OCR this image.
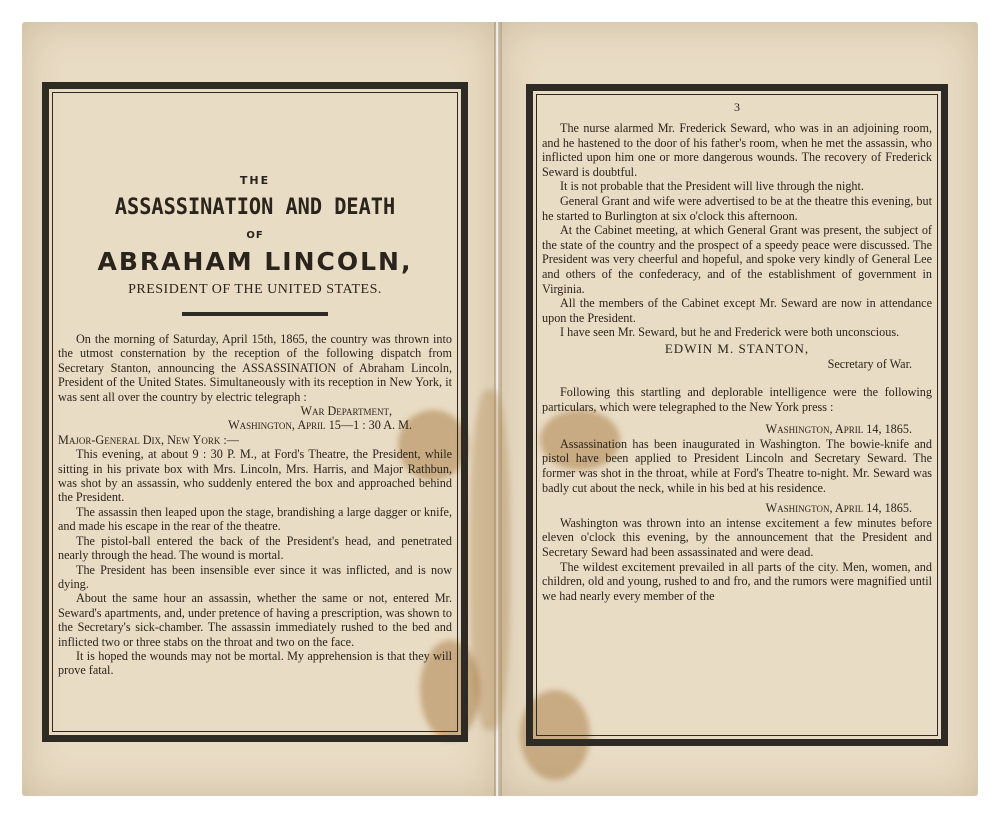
THE
ASSASSINATION AND DEATH
OF
ABRAHAM LINCOLN,
PRESIDENT OF THE UNITED STATES.

On the morning of Saturday, April 15th, 1865, the country was thrown into the utmost consternation by the reception of the following dispatch from Secretary Stanton, announcing the ASSASSINATION of Abraham Lincoln, President of the United States. Simultaneously with its reception in New York, it was sent all over the country by electric telegraph :

War Department,

Washington, April 15—1 : 30 A. M.

Major-General Dix, New York :—

This evening, at about 9 : 30 P. M., at Ford's Theatre, the President, while sitting in his private box with Mrs. Lincoln, Mrs. Harris, and Major Rathbun, was shot by an assassin, who suddenly entered the box and approached behind the President.

The assassin then leaped upon the stage, brandishing a large dagger or knife, and made his escape in the rear of the theatre.

The pistol-ball entered the back of the President's head, and penetrated nearly through the head. The wound is mortal.

The President has been insensible ever since it was inflicted, and is now dying.

About the same hour an assassin, whether the same or not, entered Mr. Seward's apartments, and, under pretence of having a prescription, was shown to the Secretary's sick-chamber. The assassin immediately rushed to the bed and inflicted two or three stabs on the throat and two on the face.

It is hoped the wounds may not be mortal. My apprehension is that they will prove fatal.

3

The nurse alarmed Mr. Frederick Seward, who was in an adjoining room, and he hastened to the door of his father's room, when he met the assassin, who inflicted upon him one or more dangerous wounds. The recovery of Frederick Seward is doubtful.

It is not probable that the President will live through the night.

General Grant and wife were advertised to be at the theatre this evening, but he started to Burlington at six o'clock this afternoon.

At the Cabinet meeting, at which General Grant was present, the subject of the state of the country and the prospect of a speedy peace were discussed. The President was very cheerful and hopeful, and spoke very kindly of General Lee and others of the confederacy, and of the establishment of government in Virginia.

All the members of the Cabinet except Mr. Seward are now in attendance upon the President.

I have seen Mr. Seward, but he and Frederick were both unconscious.

EDWIN M. STANTON,

Secretary of War.

Following this startling and deplorable intelligence were the following particulars, which were telegraphed to the New York press :

Washington, April 14, 1865.

Assassination has been inaugurated in Washington. The bowie-knife and pistol have been applied to President Lincoln and Secretary Seward. The former was shot in the throat, while at Ford's Theatre to-night. Mr. Seward was badly cut about the neck, while in his bed at his residence.

Washington, April 14, 1865.

Washington was thrown into an intense excitement a few minutes before eleven o'clock this evening, by the announcement that the President and Secretary Seward had been assassinated and were dead.

The wildest excitement prevailed in all parts of the city. Men, women, and children, old and young, rushed to and fro, and the rumors were magnified until we had nearly every member of the
